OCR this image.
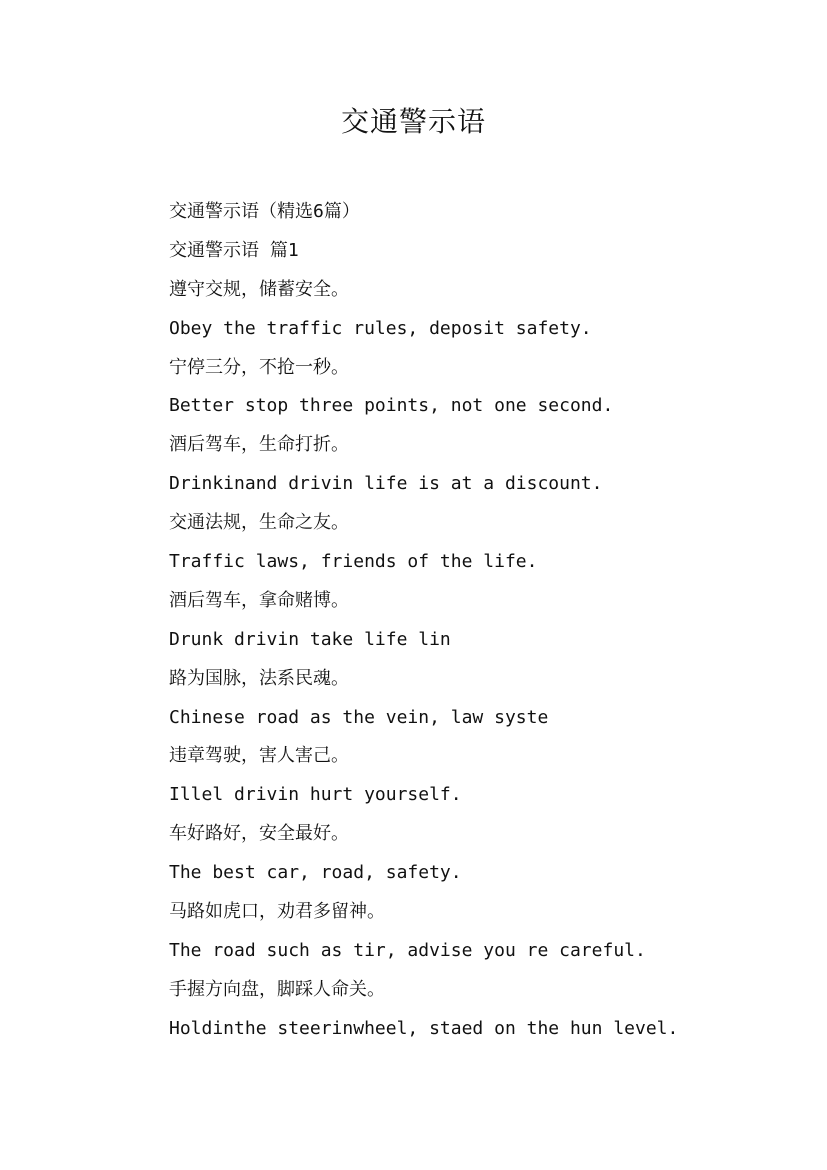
交通警示语
交通警示语（精选6篇）
交通警示语 篇1
遵守交规，储蓄安全。
Obey the traffic rules, deposit safety.
宁停三分，不抢一秒。
Better stop three points, not one second.
酒后驾车，生命打折。
Drinkinand drivin life is at a discount.
交通法规，生命之友。
Traffic laws, friends of the life.
酒后驾车，拿命赌博。
Drunk drivin take life lin
路为国脉，法系民魂。
Chinese road as the vein, law syste
违章驾驶，害人害己。
Illel drivin hurt yourself.
车好路好，安全最好。
The best car, road, safety.
马路如虎口，劝君多留神。
The road such as tir, advise you re careful.
手握方向盘，脚踩人命关。
Holdinthe steerinwheel, staed on the hun level.
